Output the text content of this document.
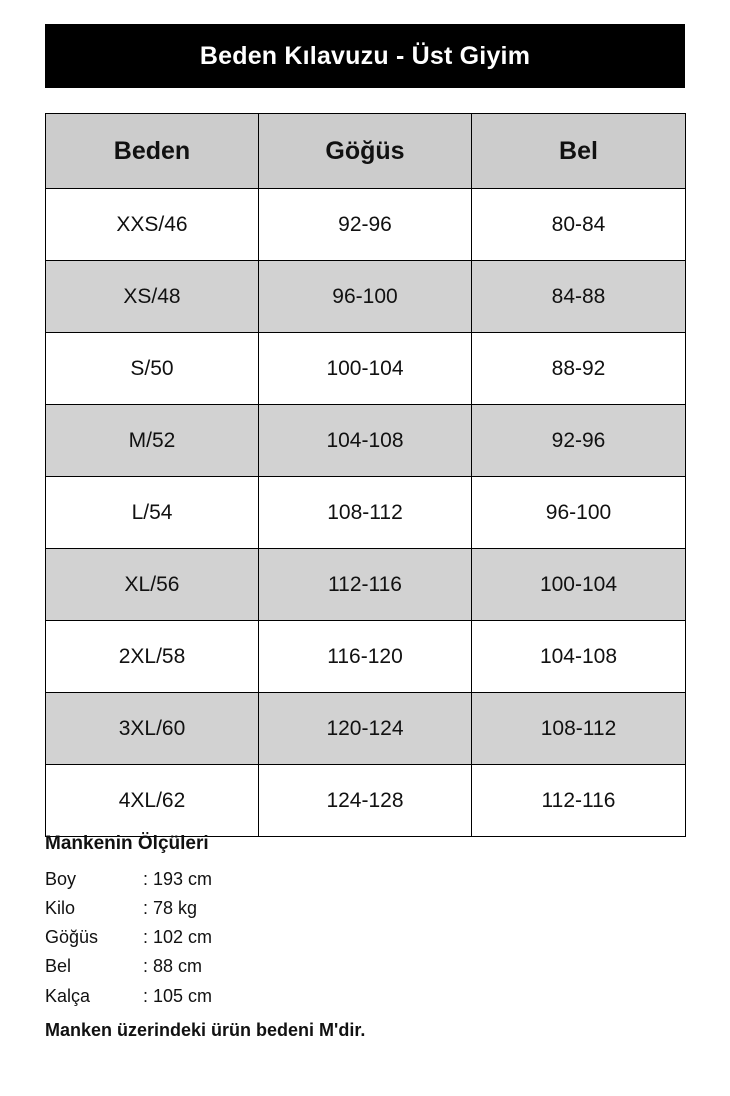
Beden Kılavuzu - Üst Giyim
Beden	Göğüs	Bel
XXS/46	92-96	80-84
XS/48	96-100	84-88
S/50	100-104	88-92
M/52	104-108	92-96
L/54	108-112	96-100
XL/56	112-116	100-104
2XL/58	116-120	104-108
3XL/60	120-124	108-112
4XL/62	124-128	112-116
Mankenin Ölçüleri
Boy	: 193 cm
Kilo	: 78 kg
Göğüs	: 102 cm
Bel	: 88 cm
Kalça	: 105 cm
Manken üzerindeki ürün bedeni M'dir.
